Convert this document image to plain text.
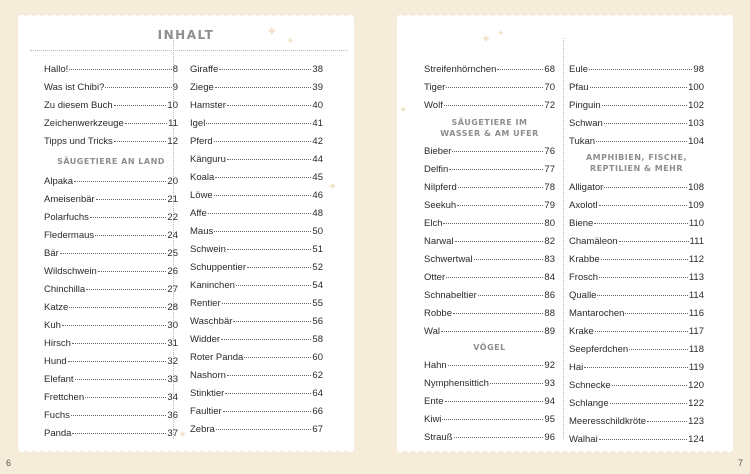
INHALT	✦
✦
✦
✦
Hallo!	8
Was ist Chibi?	9
Zu diesem Buch	10
Zeichenwerkzeuge	11
Tipps und Tricks	12
SÄUGETIERE AN LAND
Alpaka	20
Ameisenbär	21
Polarfuchs	22
Fledermaus	24
Bär	25
Wildschwein	26
Chinchilla	27
Katze	28
Kuh	30
Hirsch	31
Hund	32
Elefant	33
Frettchen	34
Fuchs	36
Panda	37
Giraffe	38
Ziege	39
Hamster	40
Igel	41
Pferd	42
Känguru	44
Koala	45
Löwe	46
Affe	48
Maus	50
Schwein	51
Schuppentier	52
Kaninchen	54
Rentier	55
Waschbär	56
Widder	58
Roter Panda	60
Nashorn	62
Stinktier	64
Faultier	66
Zebra	67
✦ ✦
✦
Streifenhörnchen	68
Tiger	70
Wolf	72
SÄUGETIERE IM
WASSER & AM UFER
Bieber	76
Delfin	77
Nilpferd	78
Seekuh	79
Elch	80
Narwal	82
Schwertwal	83
Otter	84
Schnabeltier	86
Robbe	88
Wal	89
VÖGEL
Hahn	92
Nymphensittich	93
Ente	94
Kiwi	95
Strauß	96
Eule	98
Pfau	100
Pinguin	102
Schwan	103
Tukan	104
AMPHIBIEN, FISCHE,
REPTILIEN & MEHR
Alligator	108
Axolotl	109
Biene	110
Chamäleon	111
Krabbe	112
Frosch	113
Qualle	114
Mantarochen	116
Krake	117
Seepferdchen	118
Hai	119
Schnecke	120
Schlange	122
Meeresschildkröte	123
Walhai	124
6	7
